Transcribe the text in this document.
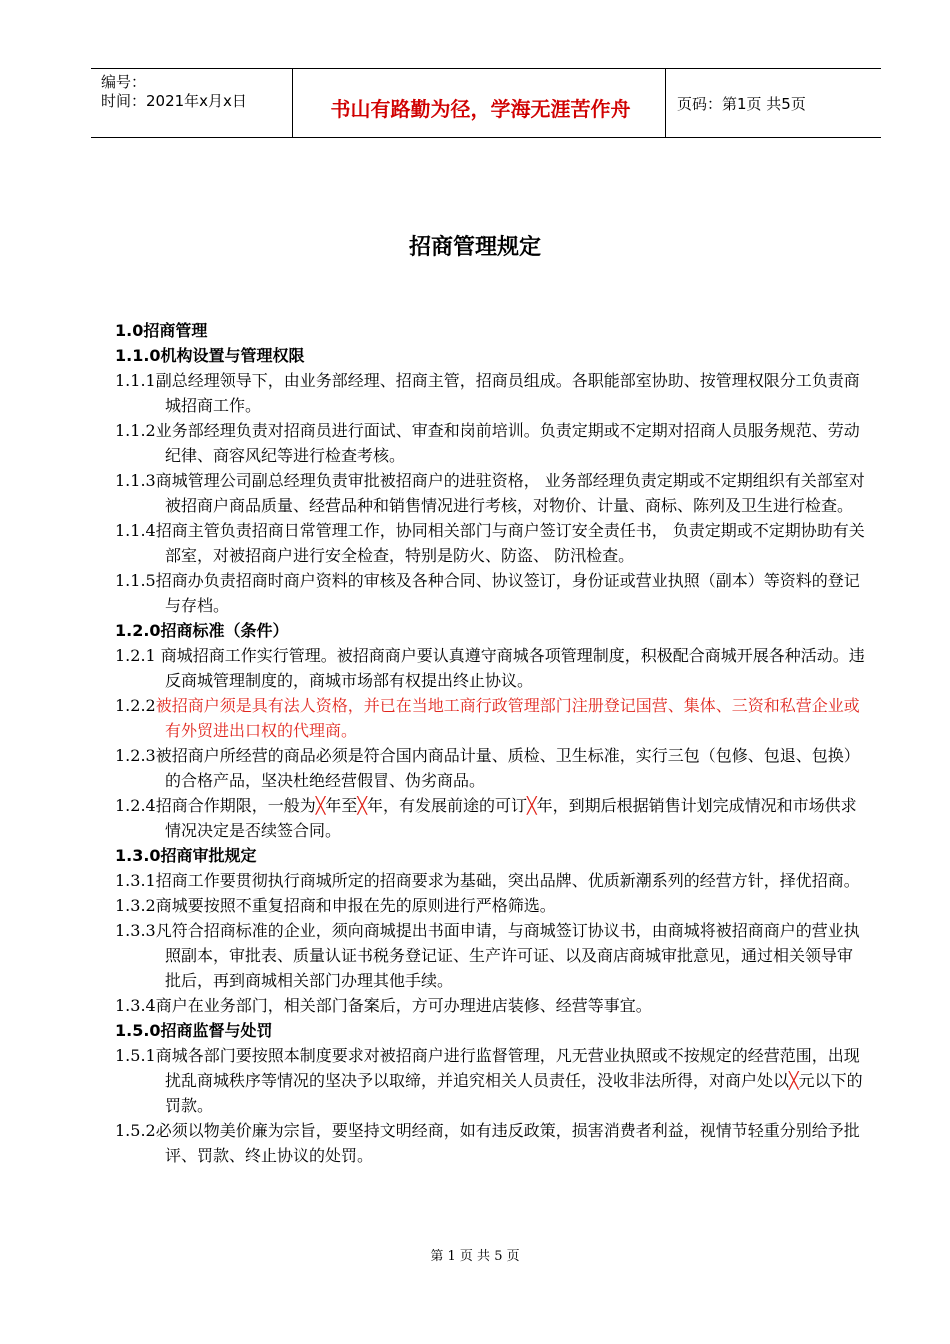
编号：
时间：2021年x月x日	书山有路勤为径，学海无涯苦作舟	页码：第1页 共5页
招商管理规定
1.0招商管理
1.1.0机构设置与管理权限
1.1.1副总经理领导下，由业务部经理、招商主管，招商员组成。各职能部室协助、按管理权限分工负责商城招商工作。
1.1.2业务部经理负责对招商员进行面试、审查和岗前培训。负责定期或不定期对招商人员服务规范、劳动纪律、商容风纪等进行检查考核。
1.1.3商城管理公司副总经理负责审批被招商户的进驻资格， 业务部经理负责定期或不定期组织有关部室对被招商户商品质量、经营品种和销售情况进行考核，对物价、计量、商标、陈列及卫生进行检查。
1.1.4招商主管负责招商日常管理工作，协同相关部门与商户签订安全责任书， 负责定期或不定期协助有关部室，对被招商户进行安全检查，特别是防火、防盗、 防汛检查。
1.1.5招商办负责招商时商户资料的审核及各种合同、协议签订，身份证或营业执照（副本）等资料的登记与存档。
1.2.0招商标准（条件）
1.2.1 商城招商工作实行管理。被招商商户要认真遵守商城各项管理制度，积极配合商城开展各种活动。违反商城管理制度的，商城市场部有权提出终止协议。
1.2.2被招商户须是具有法人资格，并已在当地工商行政管理部门注册登记国营、集体、三资和私营企业或有外贸进出口权的代理商。
1.2.3被招商户所经营的商品必须是符合国内商品计量、质检、卫生标准，实行三包（包修、包退、包换）的合格产品，坚决杜绝经营假冒、伪劣商品。
1.2.4招商合作期限，一般为╳年至╳年，有发展前途的可订╳年，到期后根据销售计划完成情况和市场供求情况决定是否续签合同。
1.3.0招商审批规定
1.3.1招商工作要贯彻执行商城所定的招商要求为基础，突出品牌、优质新潮系列的经营方针，择优招商。
1.3.2商城要按照不重复招商和申报在先的原则进行严格筛选。
1.3.3凡符合招商标准的企业，须向商城提出书面申请，与商城签订协议书，由商城将被招商商户的营业执照副本，审批表、质量认证书税务登记证、生产许可证、以及商店商城审批意见，通过相关领导审批后，再到商城相关部门办理其他手续。
1.3.4商户在业务部门，相关部门备案后，方可办理进店装修、经营等事宜。
1.5.0招商监督与处罚
1.5.1商城各部门要按照本制度要求对被招商户进行监督管理，凡无营业执照或不按规定的经营范围，出现扰乱商城秩序等情况的坚决予以取缔，并追究相关人员责任，没收非法所得，对商户处以╳元以下的罚款。
1.5.2必须以物美价廉为宗旨，要坚持文明经商，如有违反政策，损害消费者利益，视情节轻重分别给予批评、罚款、终止协议的处罚。
第 1 页 共 5 页
